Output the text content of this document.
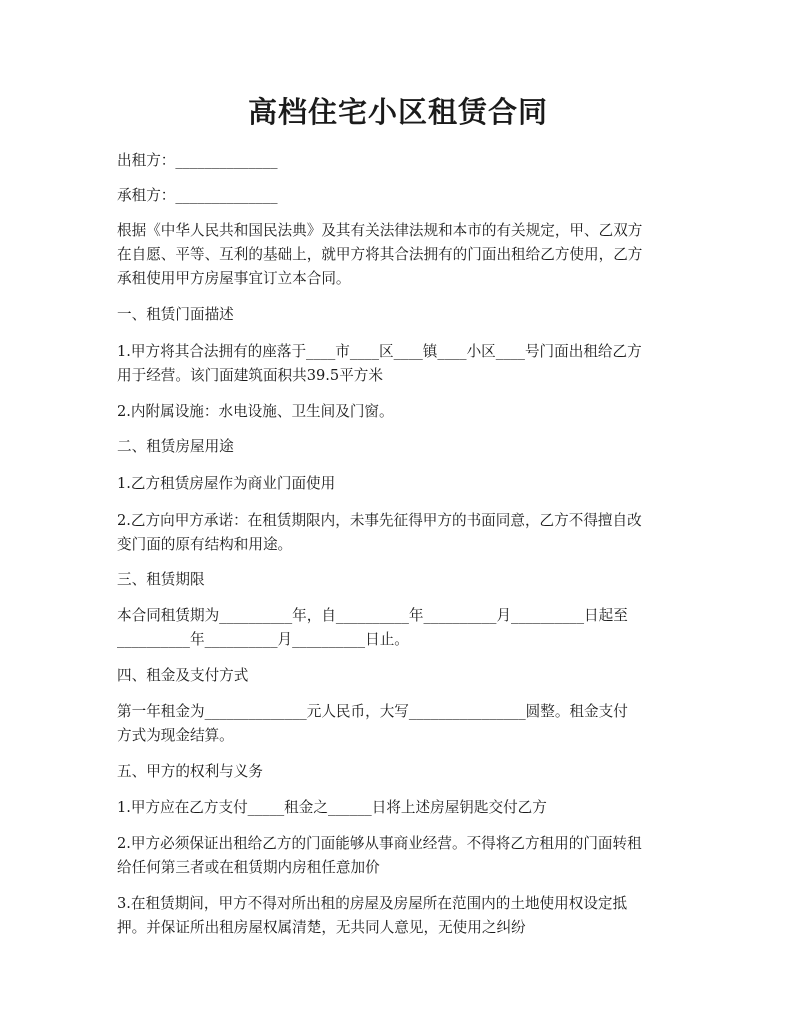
高档住宅小区租赁合同
出租方：______________
承租方：______________
根据《中华人民共和国民法典》及其有关法律法规和本市的有关规定，甲、乙双方
在自愿、平等、互利的基础上，就甲方将其合法拥有的门面出租给乙方使用，乙方
承租使用甲方房屋事宜订立本合同。
一、租赁门面描述
1.甲方将其合法拥有的座落于____市____区____镇____小区____号门面出租给乙方
用于经营。该门面建筑面积共39.5平方米
2.内附属设施：水电设施、卫生间及门窗。
二、租赁房屋用途
1.乙方租赁房屋作为商业门面使用
2.乙方向甲方承诺：在租赁期限内，未事先征得甲方的书面同意，乙方不得擅自改
变门面的原有结构和用途。
三、租赁期限
本合同租赁期为__________年，自__________年__________月__________日起至
__________年__________月__________日止。
四、租金及支付方式
第一年租金为______________元人民币，大写________________圆整。租金支付
方式为现金结算。
五、甲方的权利与义务
1.甲方应在乙方支付_____租金之______日将上述房屋钥匙交付乙方
2.甲方必须保证出租给乙方的门面能够从事商业经营。不得将乙方租用的门面转租
给任何第三者或在租赁期内房租任意加价
3.在租赁期间，甲方不得对所出租的房屋及房屋所在范围内的土地使用权设定抵
押。并保证所出租房屋权属清楚，无共同人意见，无使用之纠纷
